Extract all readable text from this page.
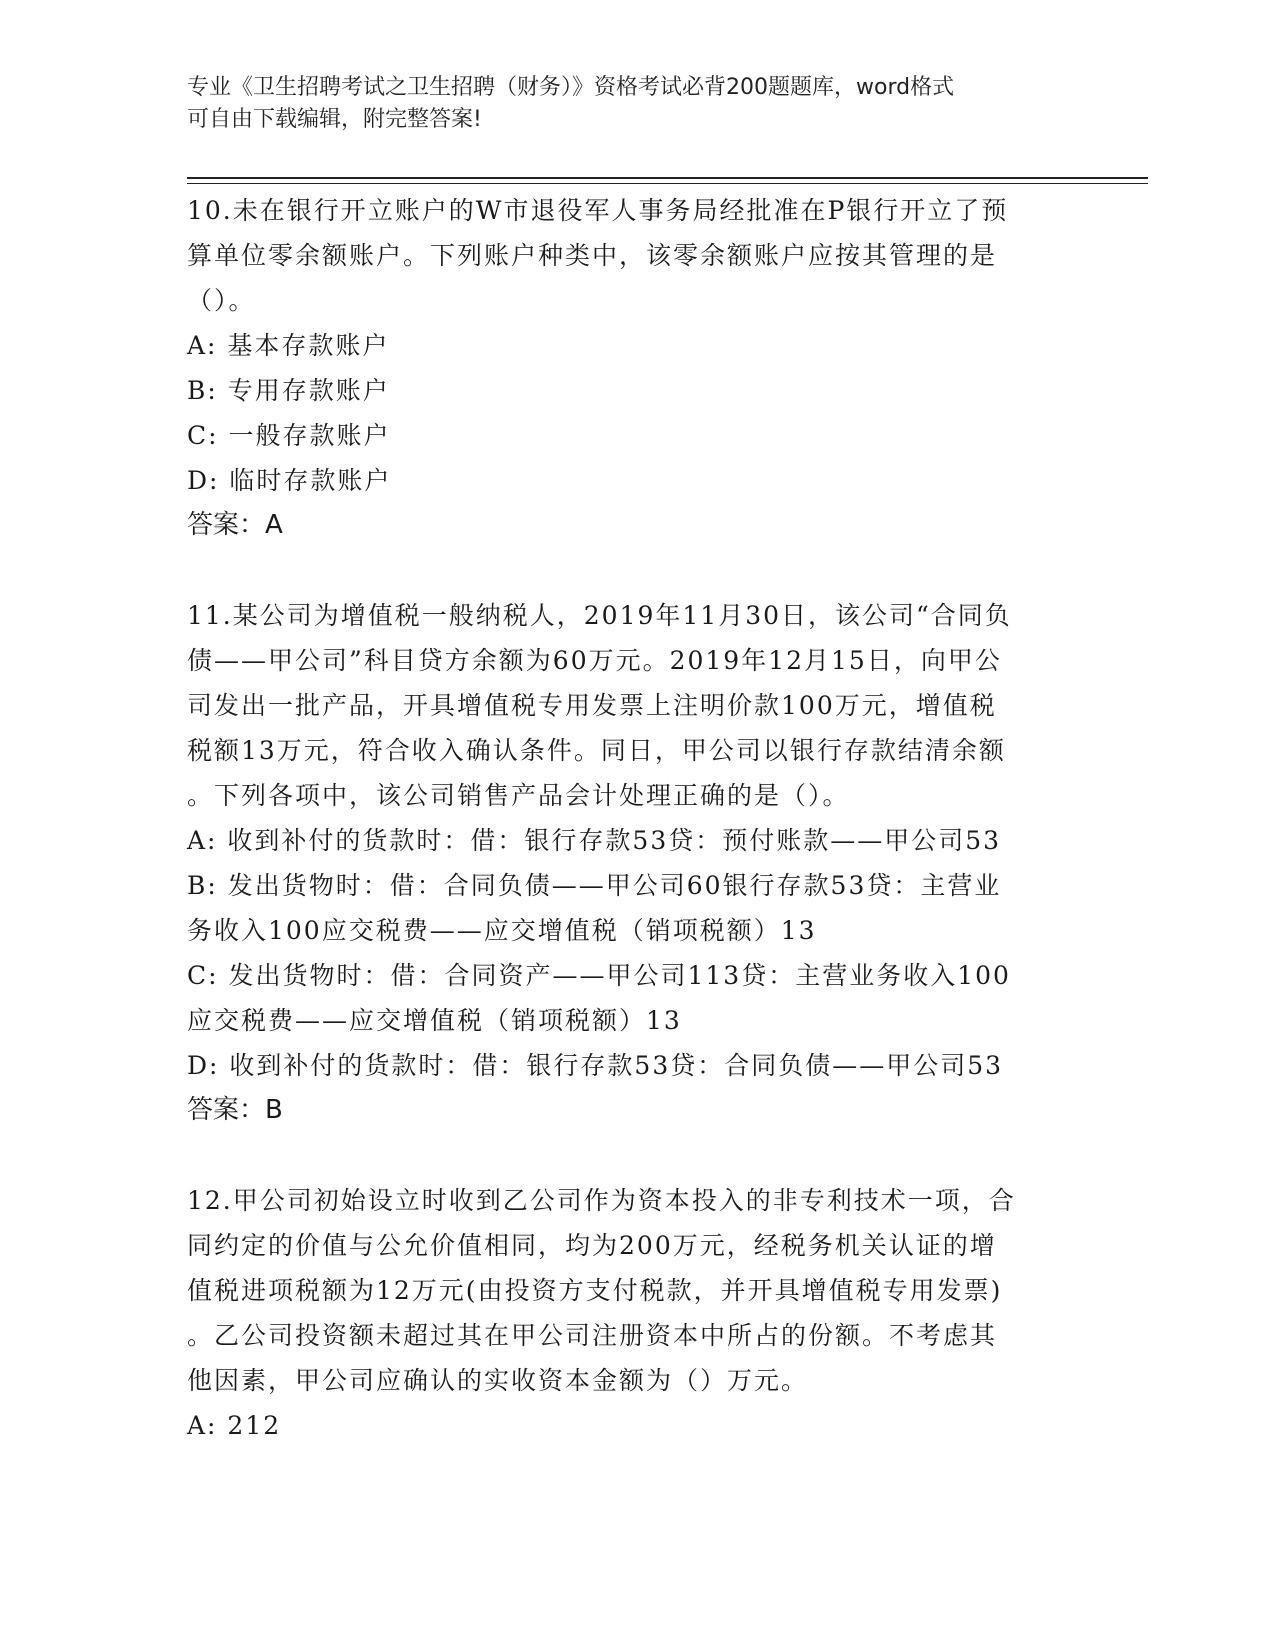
专业《卫生招聘考试之卫生招聘（财务）》资格考试必背200题题库，word格式
可自由下载编辑，附完整答案!
10.未在银行开立账户的W市退役军人事务局经批准在P银行开立了预
算单位零余额账户。下列账户种类中，该零余额账户应按其管理的是
（）。
A: 基本存款账户
B: 专用存款账户
C: 一般存款账户
D: 临时存款账户
答案：A
11.某公司为增值税一般纳税人，2019年11月30日，该公司“合同负
债——甲公司”科目贷方余额为60万元。2019年12月15日，向甲公
司发出一批产品，开具增值税专用发票上注明价款100万元，增值税
税额13万元，符合收入确认条件。同日，甲公司以银行存款结清余额
。下列各项中，该公司销售产品会计处理正确的是（）。
A: 收到补付的货款时：借：银行存款53贷：预付账款——甲公司53
B: 发出货物时：借：合同负债——甲公司60银行存款53贷：主营业
务收入100应交税费——应交增值税（销项税额）13
C: 发出货物时：借：合同资产——甲公司113贷：主营业务收入100
应交税费——应交增值税（销项税额）13
D: 收到补付的货款时：借：银行存款53贷：合同负债——甲公司53
答案：B
12.甲公司初始设立时收到乙公司作为资本投入的非专利技术一项，合
同约定的价值与公允价值相同，均为200万元，经税务机关认证的增
值税进项税额为12万元(由投资方支付税款，并开具增值税专用发票)
。乙公司投资额未超过其在甲公司注册资本中所占的份额。不考虑其
他因素，甲公司应确认的实收资本金额为（）万元。
A: 212
